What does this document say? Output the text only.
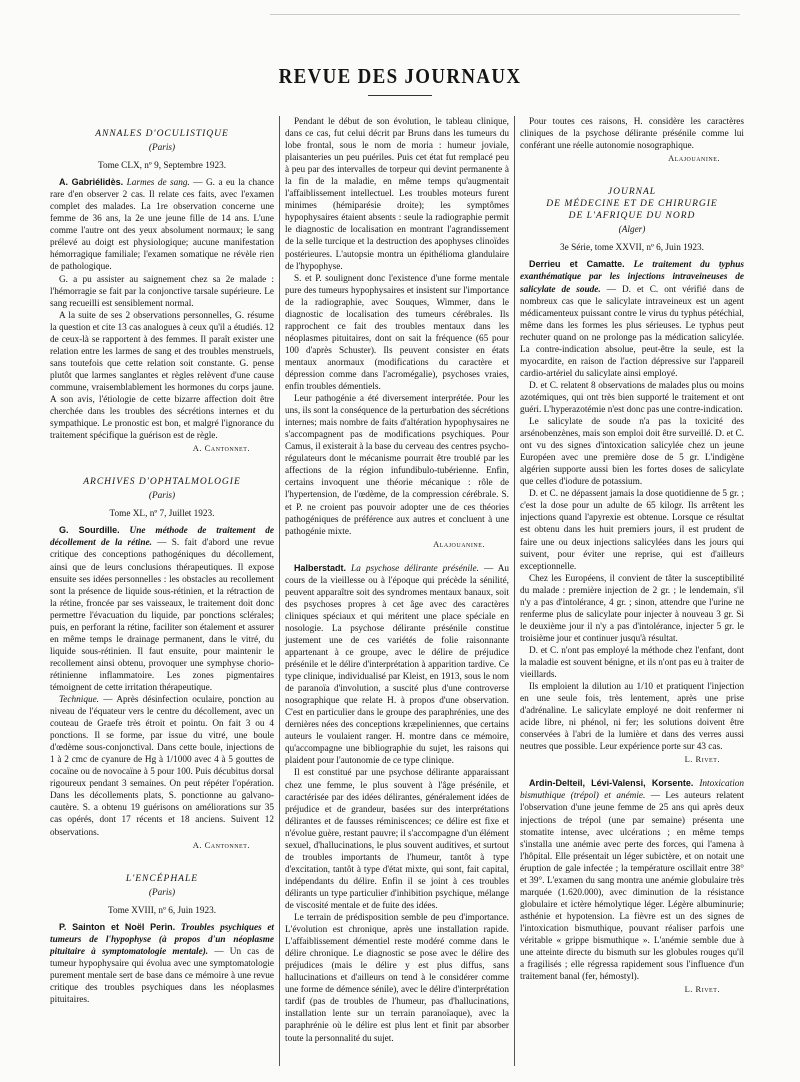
REVUE DES JOURNAUX
ANNALES D'OCULISTIQUE
(Paris)
Tome CLX, nº 9, Septembre 1923.

A. Gabriélidès. Larmes de sang. — G. a eu la chance rare d'en observer 2 cas. Il relate ces faits, avec l'examen complet des malades. La 1re observation concerne une femme de 36 ans, la 2e une jeune fille de 14 ans. L'une comme l'autre ont des yeux absolument normaux; le sang prélevé au doigt est physiologique; aucune manifestation hémorragique familiale; l'examen somatique ne révèle rien de pathologique.

G. a pu assister au saignement chez sa 2e malade : l'hémorragie se fait par la conjonctive tarsale supérieure. Le sang recueilli est sensiblement normal.

A la suite de ses 2 observations personnelles, G. résume la question et cite 13 cas analogues à ceux qu'il a étudiés. 12 de ceux-là se rapportent à des femmes. Il paraît exister une relation entre les larmes de sang et des troubles menstruels, sans toutefois que cette relation soit constante. G. pense plutôt que larmes sanglantes et règles relèvent d'une cause commune, vraisemblablement les hormones du corps jaune. A son avis, l'étiologie de cette bizarre affection doit être cherchée dans les troubles des sécrétions internes et du sympathique. Le pronostic est bon, et malgré l'ignorance du traitement spécifique la guérison est de règle.

A. Cantonnet.
ARCHIVES D'OPHTALMOLOGIE
(Paris)
Tome XL, nº 7, Juillet 1923.

G. Sourdille. Une méthode de traitement de décollement de la rétine. — S. fait d'abord une revue critique des conceptions pathogéniques du décollement, ainsi que de leurs conclusions thérapeutiques. Il expose ensuite ses idées personnelles : les obstacles au recollement sont la présence de liquide sous-rétinien, et la rétraction de la rétine, froncée par ses vaisseaux, le traitement doit donc permettre l'évacuation du liquide, par ponctions sclérales; puis, en perforant la rétine, faciliter son étalement et assurer en même temps le drainage permanent, dans le vitré, du liquide sous-rétinien. Il faut ensuite, pour maintenir le recollement ainsi obtenu, provoquer une symphyse chorio-rétinienne inflammatoire. Les zones pigmentaires témoignent de cette irritation thérapeutique.

Technique. — Après désinfection oculaire, ponction au niveau de l'équateur vers le centre du décollement, avec un couteau de Graefe très étroit et pointu. On fait 3 ou 4 ponctions. Il se forme, par issue du vitré, une boule d'œdème sous-conjonctival. Dans cette boule, injections de 1 à 2 cmc de cyanure de Hg à 1/1000 avec 4 à 5 gouttes de cocaïne ou de novocaïne à 5 pour 100. Puis décubitus dorsal rigoureux pendant 3 semaines. On peut répéter l'opération. Dans les décollements plats, S. ponctionne au galvano-cautère. S. a obtenu 19 guérisons on améliorations sur 35 cas opérés, dont 17 récents et 18 anciens. Suivent 12 observations.

A. Cantonnet.
L'ENCÉPHALE
(Paris)
Tome XVIII, nº 6, Juin 1923.

P. Sainton et Noël Perin. Troubles psychiques et tumeurs de l'hypophyse (à propos d'un néoplasme pituitaire à symptomatologie mentale). — Un cas de tumeur hypophysaire qui évolua avec une symptomatologie purement mentale sert de base dans ce mémoire à une revue critique des troubles psychiques dans les néoplasmes pituitaires.

Pendant le début de son évolution, le tableau clinique, dans ce cas, fut celui décrit par Bruns dans les tumeurs du lobe frontal, sous le nom de moria : humeur joviale, plaisanteries un peu puériles. Puis cet état fut remplacé peu à peu par des intervalles de torpeur qui devint permanente à la fin de la maladie, en même temps qu'augmentait l'affaiblissement intellectuel. Les troubles moteurs furent minimes (hémiparésie droite); les symptômes hypophysaires étaient absents : seule la radiographie permit le diagnostic de localisation en montrant l'agrandissement de la selle turcique et la destruction des apophyses clinoïdes postérieures. L'autopsie montra un épithélioma glandulaire de l'hypophyse.

S. et P. soulignent donc l'existence d'une forme mentale pure des tumeurs hypophysaires et insistent sur l'importance de la radiographie, avec Souques, Wimmer, dans le diagnostic de localisation des tumeurs cérébrales. Ils rapprochent ce fait des troubles mentaux dans les néoplasmes pituitaires, dont on sait la fréquence (65 pour 100 d'après Schuster). Ils peuvent consister en états mentaux anormaux (modifications du caractère et dépression comme dans l'acromégalie), psychoses vraies, enfin troubles démentiels.

Leur pathogénie a été diversement interprétée. Pour les uns, ils sont la conséquence de la perturbation des sécrétions internes; mais nombre de faits d'altération hypophysaires ne s'accompagnent pas de modifications psychiques. Pour Camus, il existerait à la base du cerveau des centres psycho-régulateurs dont le mécanisme pourrait être troublé par les affections de la région infundibulo-tubérienne. Enfin, certains invoquent une théorie mécanique : rôle de l'hypertension, de l'œdème, de la compression cérébrale. S. et P. ne croient pas pouvoir adopter une de ces théories pathogéniques de préférence aux autres et concluent à une pathogénie mixte.

Alajouanine.

Halberstadt. La psychose délirante présénile. — Au cours de la vieillesse ou à l'époque qui précède la sénilité, peuvent apparaître soit des syndromes mentaux banaux, soit des psychoses propres à cet âge avec des caractères cliniques spéciaux et qui méritent une place spéciale en nosologie. La psychose délirante présénile constitue justement une de ces variétés de folie raisonnante appartenant à ce groupe, avec le délire de préjudice présénile et le délire d'interprétation à apparition tardive. Ce type clinique, individualisé par Kleist, en 1913, sous le nom de paranoïa d'involution, a suscité plus d'une controverse nosographique que relate H. à propos d'une observation. C'est en particulier dans le groupe des paraphrénies, une des dernières nées des conceptions kræpeliniennes, que certains auteurs le voulaient ranger. H. montre dans ce mémoire, qu'accompagne une bibliographie du sujet, les raisons qui plaident pour l'autonomie de ce type clinique.

Il est constitué par une psychose délirante apparaissant chez une femme, le plus souvent à l'âge présénile, et caractérisée par des idées délirantes, généralement idées de préjudice et de grandeur, basées sur des interprétations délirantes et de fausses réminiscences; ce délire est fixe et n'évolue guère, restant pauvre; il s'accompagne d'un élément sexuel, d'hallucinations, le plus souvent auditives, et surtout de troubles importants de l'humeur, tantôt à type d'excitation, tantôt à type d'état mixte, qui sont, fait capital, indépendants du délire. Enfin il se joint à ces troubles délirants un type particulier d'inhibition psychique, mélange de viscosité mentale et de fuite des idées.

Le terrain de prédisposition semble de peu d'importance. L'évolution est chronique, après une installation rapide. L'affaiblissement démentiel reste modéré comme dans le délire chronique. Le diagnostic se pose avec le délire des préjudices (mais le délire y est plus diffus, sans hallucinations et d'ailleurs on tend à le considérer comme une forme de démence sénile), avec le délire d'interprétation tardif (pas de troubles de l'humeur, pas d'hallucinations, installation lente sur un terrain paranoïaque), avec la paraphrénie où le délire est plus lent et finit par absorber toute la personnalité du sujet.

Pour toutes ces raisons, H. considère les caractères cliniques de la psychose délirante présénile comme lui conférant une réelle autonomie nosographique.

Alajouanine.
JOURNAL
DE MÉDECINE ET DE CHIRURGIE
DE L'AFRIQUE DU NORD
(Alger)
3e Série, tome XXVII, nº 6, Juin 1923.

Derrieu et Camatte. Le traitement du typhus exanthématique par les injections intraveineuses de salicylate de soude. — D. et C. ont vérifié dans de nombreux cas que le salicylate intraveineux est un agent médicamenteux puissant contre le virus du typhus pétéchial, même dans les formes les plus sérieuses. Le typhus peut rechuter quand on ne prolonge pas la médication salicylée. La contre-indication absolue, peut-être la seule, est la myocardite, en raison de l'action dépressive sur l'appareil cardio-artériel du salicylate ainsi employé.

D. et C. relatent 8 observations de malades plus ou moins azotémiques, qui ont très bien supporté le traitement et ont guéri. L'hyperazotémie n'est donc pas une contre-indication.

Le salicylate de soude n'a pas la toxicité des arsénobenzènes, mais son emploi doit être surveillé. D. et C. ont vu des signes d'intoxication salicylée chez un jeune Européen avec une première dose de 5 gr. L'indigène algérien supporte aussi bien les fortes doses de salicylate que celles d'iodure de potassium.

D. et C. ne dépassent jamais la dose quotidienne de 5 gr. ; c'est la dose pour un adulte de 65 kilogr. Ils arrêtent les injections quand l'apyrexie est obtenue. Lorsque ce résultat est obtenu dans les huit premiers jours, il est prudent de faire une ou deux injections salicylées dans les jours qui suivent, pour éviter une reprise, qui est d'ailleurs exceptionnelle.

Chez les Européens, il convient de tâter la susceptibilité du malade : première injection de 2 gr. ; le lendemain, s'il n'y a pas d'intolérance, 4 gr. ; sinon, attendre que l'urine ne renferme plus de salicylate pour injecter à nouveau 3 gr. Si le deuxième jour il n'y a pas d'intolérance, injecter 5 gr. le troisième jour et continuer jusqu'à résultat.

D. et C. n'ont pas employé la méthode chez l'enfant, dont la maladie est souvent bénigne, et ils n'ont pas eu à traiter de vieillards.

Ils emploient la dilution au 1/10 et pratiquent l'injection en une seule fois, très lentement, après une prise d'adrénaline. Le salicylate employé ne doit renfermer ni acide libre, ni phénol, ni fer; les solutions doivent être conservées à l'abri de la lumière et dans des verres aussi neutres que possible. Leur expérience porte sur 43 cas.

L. Rivet.

Ardin-Delteil, Lévi-Valensi, Korsente. Intoxication bismuthique (trépol) et anémie. — Les auteurs relatent l'observation d'une jeune femme de 25 ans qui après deux injections de trépol (une par semaine) présenta une stomatite intense, avec ulcérations ; en même temps s'installa une anémie avec perte des forces, qui l'amena à l'hôpital. Elle présentait un léger subictère, et on notait une éruption de gale infectée ; la température oscillait entre 38° et 39°. L'examen du sang montra une anémie globulaire très marquée (1.620.000), avec diminution de la résistance globulaire et ictère hémolytique léger. Légère albuminurie; asthénie et hypotension. La fièvre est un des signes de l'intoxication bismuthique, pouvant réaliser parfois une véritable « grippe bismuthique ». L'anémie semble due à une atteinte directe du bismuth sur les globules rouges qu'il a fragilisés ; elle régressa rapidement sous l'influence d'un traitement banal (fer, hémostyl).

L. Rivet.
